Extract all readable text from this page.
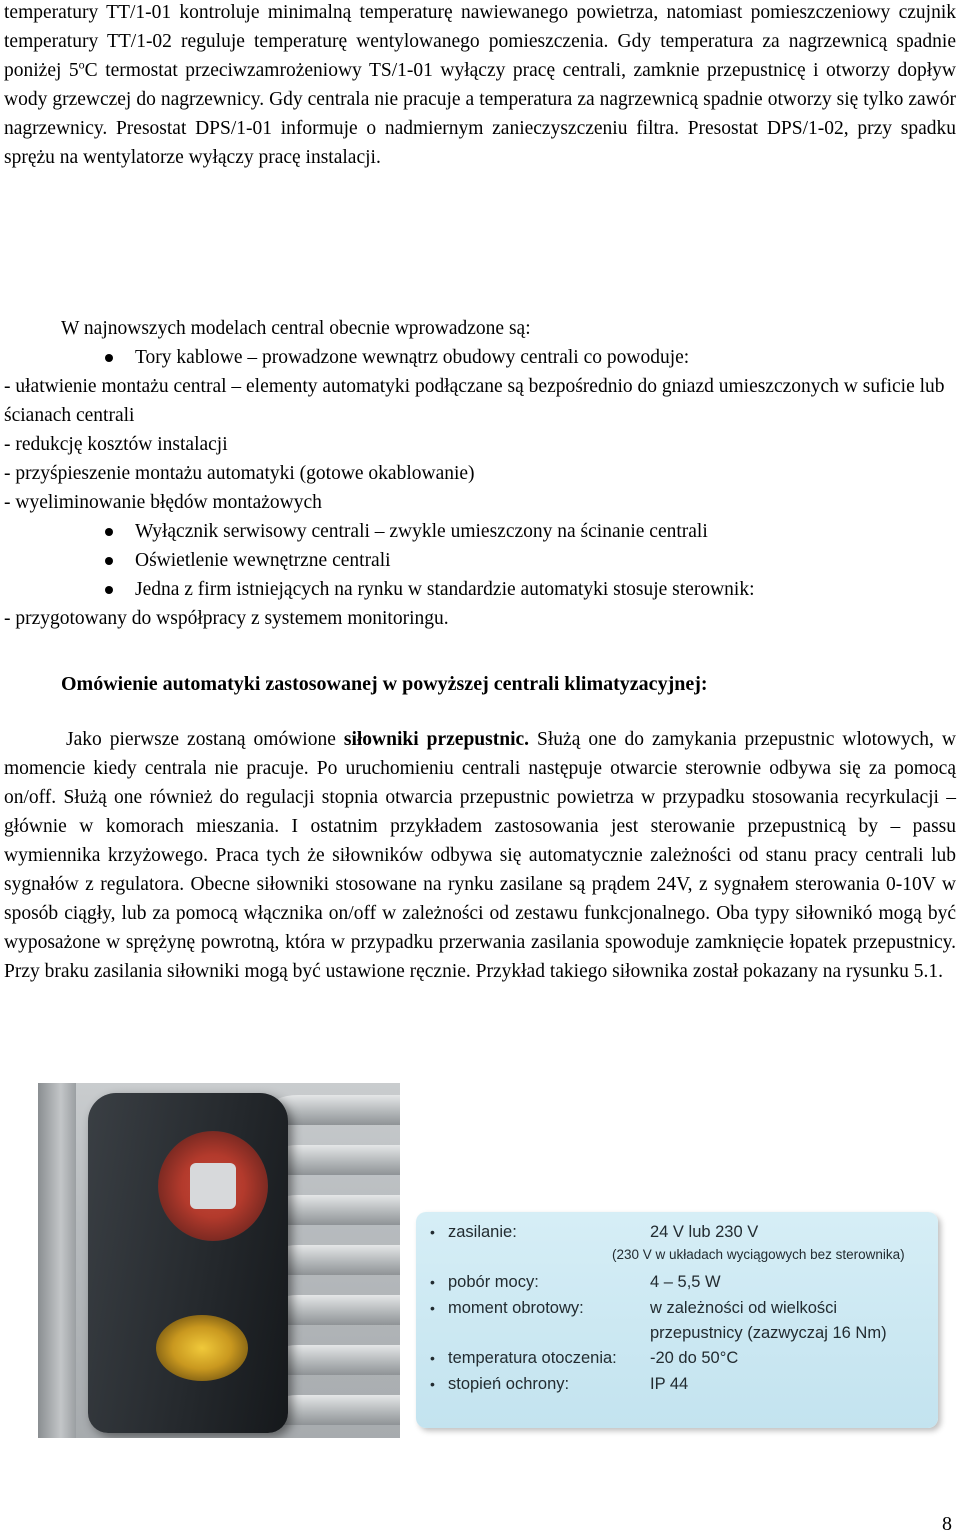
temperatury TT/1-01 kontroluje minimalną temperaturę nawiewanego powietrza, natomiast pomieszczeniowy czujnik temperatury TT/1-02 reguluje temperaturę wentylowanego pomieszczenia. Gdy temperatura za nagrzewnicą spadnie poniżej 5$^o$C termostat przeciwzamrożeniowy TS/1-01 wyłączy pracę centrali, zamknie przepustnicę i otworzy dopływ wody grzewczej do nagrzewnicy. Gdy centrala nie pracuje a temperatura za nagrzewnicą spadnie otworzy się tylko zawór nagrzewnicy. Presostat DPS/1-01 informuje o nadmiernym zanieczyszczeniu filtra. Presostat DPS/1-02, przy spadku sprężu na wentylatorze wyłączy pracę instalacji.

W najnowszych modelach central obecnie wprowadzone są:

Tory kablowe – prowadzone wewnątrz obudowy centrali co powoduje:

- ułatwienie montażu central – elementy automatyki podłączane są bezpośrednio do gniazd umieszczonych w suficie lub ścianach centrali

- redukcję kosztów instalacji

- przyśpieszenie montażu automatyki (gotowe okablowanie)

- wyeliminowanie błędów montażowych

Wyłącznik serwisowy centrali – zwykle umieszczony na ścinanie centrali

Oświetlenie wewnętrzne centrali

Jedna z firm istniejących na rynku w standardzie automatyki stosuje sterownik:

- przygotowany do współpracy z systemem monitoringu.

Omówienie automatyki zastosowanej w powyższej centrali klimatyzacyjnej:

Jako pierwsze zostaną omówione siłowniki przepustnic. Służą one do zamykania przepustnic wlotowych, w momencie kiedy centrala nie pracuje. Po uruchomieniu centrali następuje otwarcie sterownie odbywa się za pomocą on/off. Służą one również do regulacji stopnia otwarcia przepustnic powietrza w przypadku stosowania recyrkulacji – głównie w komorach mieszania. I ostatnim przykładem zastosowania jest sterowanie przepustnicą by – passu wymiennika krzyżowego. Praca tych że siłowników odbywa się automatycznie zależności od stanu pracy centrali lub sygnałów z regulatora. Obecne siłowniki stosowane na rynku zasilane są prądem 24V, z sygnałem sterowania 0-10V w sposób ciągły, lub za pomocą włącznika on/off w zależności od zestawu funkcjonalnego. Oba typy siłownikó mogą być wyposażone w sprężynę powrotną, która w przypadku przerwania zasilania spowoduje zamknięcie łopatek przepustnicy. Przy braku zasilania siłowniki mogą być ustawione ręcznie. Przykład takiego siłownika został pokazany na rysunku 5.1.

• zasilanie:	24 V lub 230 V
(230 V w układach wyciągowych bez sterownika)
• pobór mocy:	4 – 5,5 W
• moment obrotowy:	w zależności od wielkości
przepustnicy (zazwyczaj 16 Nm)
• temperatura otoczenia: -20 do 50°C
• stopień ochrony:	IP 44
8
